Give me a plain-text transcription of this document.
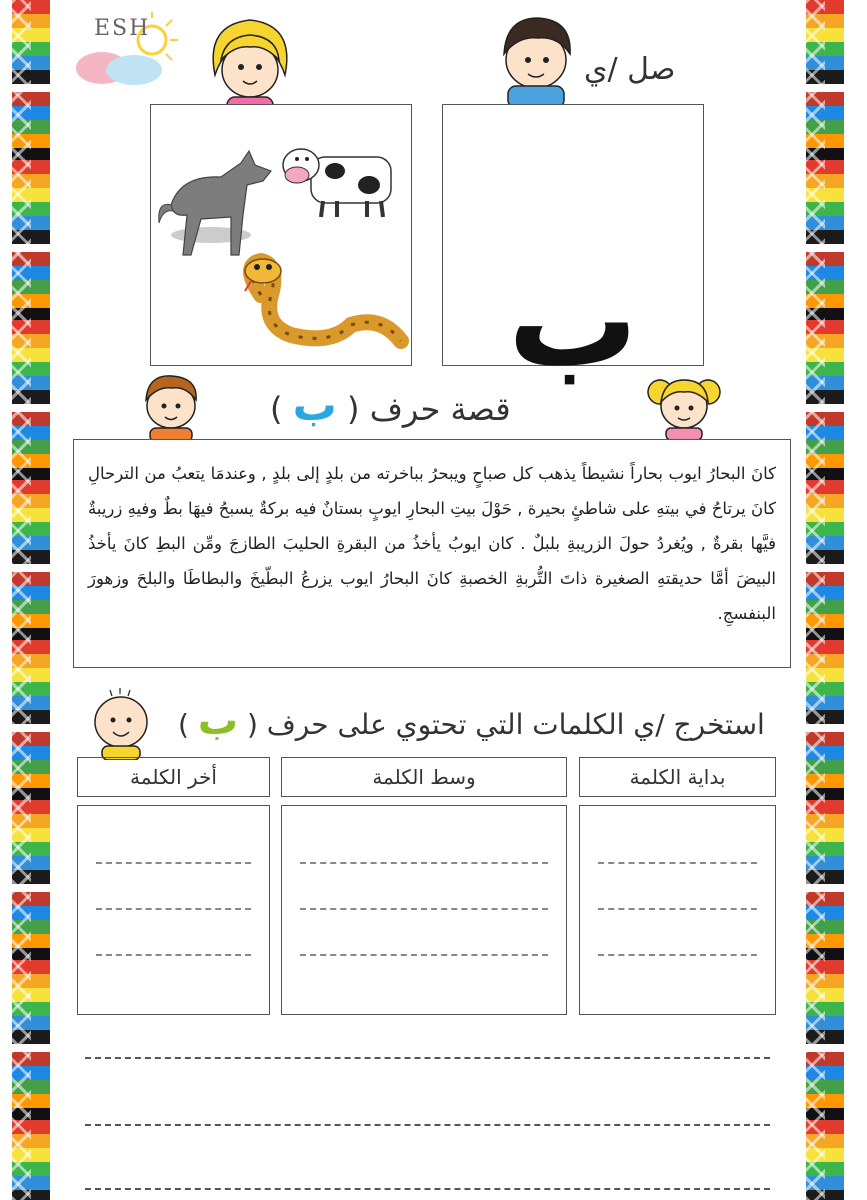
ESH
صل /ي
ب
قصة حرف ( ب )
كانَ البحارُ ايوب بحاراً نشيطاً يذهب كل صباحٍ ويبحرُ بباخرته من بلدٍ إلى بلدٍ , وعندمَا يتعبُ من الترحالِ كانَ يرتاحُ في بيتهِ على شاطئٍ بحيرة , حَوْلَ بيتِ البحارِ ايوبٍ بستانٌ فيه بركةٌ يسبحُ فيهَا بطٌ وفيهِ زريبةٌ فيَّها بقرةٌ , ويُغردُ حولَ الزريبةِ بلبلٌ . كان ايوبُ يأخذُ من البقرةِ الحليبَ الطازجَ ومِّن البطِ كانَ يأخذُ البيضَ أمَّا حديقتهِ الصغيرة ذاتَ التُّربةِ الخصبةِ كانَ البحارُ ايوب يزرعُ البطّيخَ والبطاطَا والبلحَ وزهورَ البنفسجِ.
استخرج /ي الكلمات التي تحتوي على حرف ( ب )
بداية الكلمة
وسط الكلمة
أخر الكلمة
